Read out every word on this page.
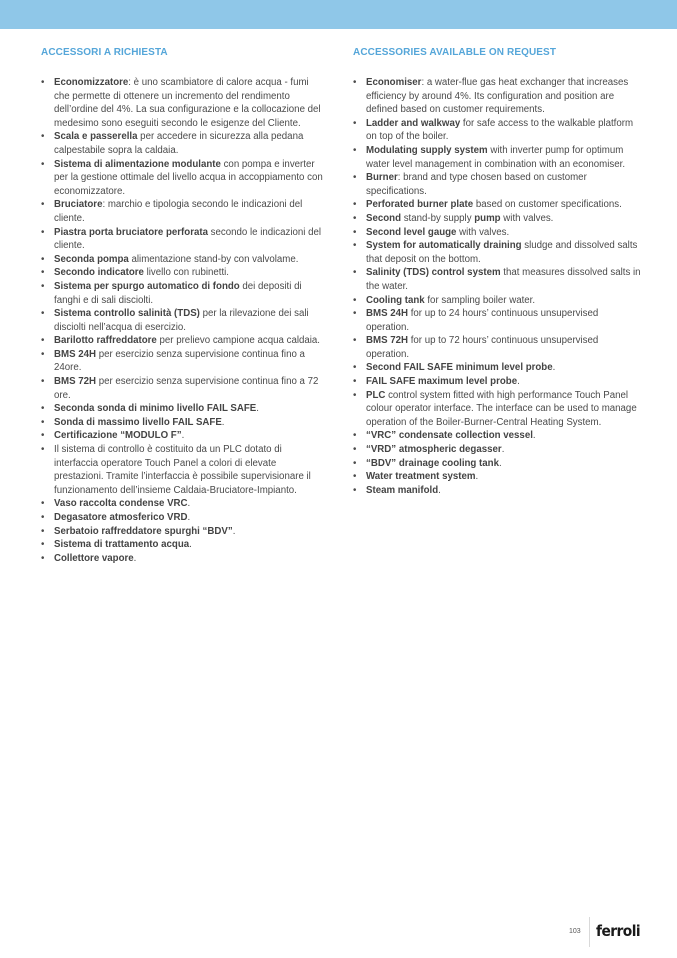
ACCESSORI A RICHIESTA
• Economizzatore: è uno scambiatore di calore acqua - fumi che permette di ottenere un incremento del rendimento dell’ordine del 4%. La sua configurazione e la collocazione del medesimo sono eseguiti secondo le esigenze del Cliente.
• Scala e passerella per accedere in sicurezza alla pedana calpestabile sopra la caldaia.
• Sistema di alimentazione modulante con pompa e inverter per la gestione ottimale del livello acqua in accoppiamento con economizzatore.
• Bruciatore: marchio e tipologia secondo le indicazioni del cliente.
• Piastra porta bruciatore perforata secondo le indicazioni del cliente.
• Seconda pompa alimentazione stand-by con valvolame.
• Secondo indicatore livello con rubinetti.
• Sistema per spurgo automatico di fondo dei depositi di fanghi e di sali disciolti.
• Sistema controllo salinità (TDS) per la rilevazione dei sali disciolti nell’acqua di esercizio.
• Barilotto raffreddatore per prelievo campione acqua caldaia.
• BMS 24H per esercizio senza supervisione continua fino a 24ore.
• BMS 72H per esercizio senza supervisione continua fino a 72 ore.
• Seconda sonda di minimo livello FAIL SAFE.
• Sonda di massimo livello FAIL SAFE.
• Certificazione “MODULO F”.
• Il sistema di controllo è costituito da un PLC dotato di interfaccia operatore Touch Panel a colori di elevate prestazioni. Tramite l’interfaccia è possibile supervisionare il funzionamento dell’insieme Caldaia-Bruciatore-Impianto.
• Vaso raccolta condense VRC.
• Degasatore atmosferico VRD.
• Serbatoio raffreddatore spurghi “BDV”.
• Sistema di trattamento acqua.
• Collettore vapore.
ACCESSORIES AVAILABLE ON REQUEST
• Economiser: a water-flue gas heat exchanger that increases efficiency by around 4%. Its configuration and position are defined based on customer requirements.
• Ladder and walkway for safe access to the walkable platform on top of the boiler.
• Modulating supply system with inverter pump for optimum water level management in combination with an economiser.
• Burner: brand and type chosen based on customer specifications.
• Perforated burner plate based on customer specifications.
• Second stand-by supply pump with valves.
• Second level gauge with valves.
• System for automatically draining sludge and dissolved salts that deposit on the bottom.
• Salinity (TDS) control system that measures dissolved salts in the water.
• Cooling tank for sampling boiler water.
• BMS 24H for up to 24 hours’ continuous unsupervised operation.
• BMS 72H for up to 72 hours’ continuous unsupervised operation.
• Second FAIL SAFE minimum level probe.
• FAIL SAFE maximum level probe.
• PLC control system fitted with high performance Touch Panel colour operator interface. The interface can be used to manage operation of the Boiler-Burner-Central Heating System.
• “VRC” condensate collection vessel.
• “VRD” atmospheric degasser.
• “BDV” drainage cooling tank.
• Water treatment system.
• Steam manifold.
103 ferroli
